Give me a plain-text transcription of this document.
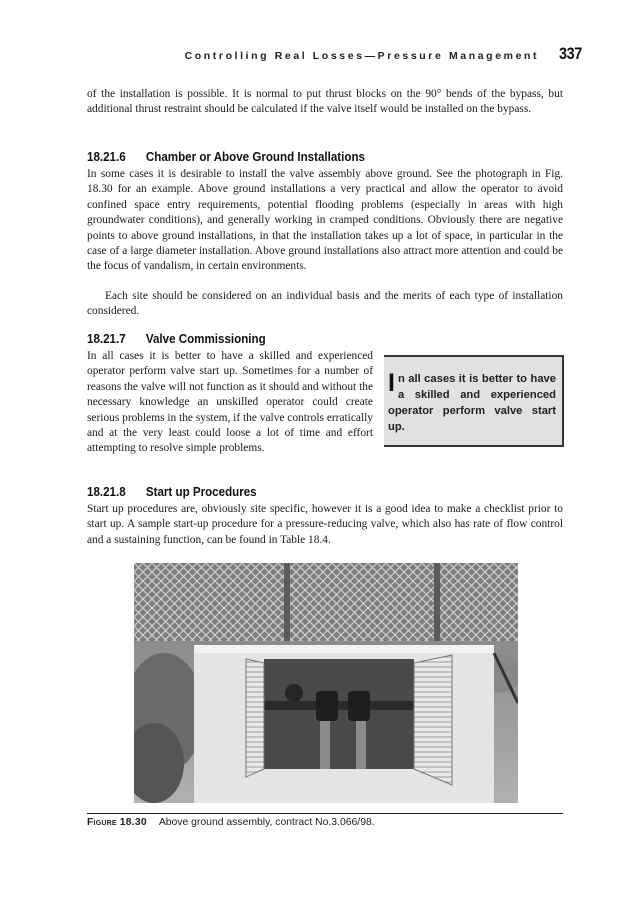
Controlling Real Losses—Pressure Management 337

of the installation is possible. It is normal to put thrust blocks on the 90° bends of the bypass, but additional thrust restraint should be calculated if the valve itself would be installed on the bypass.

18.21.6 Chamber or Above Ground Installations

In some cases it is desirable to install the valve assembly above ground. See the photograph in Fig. 18.30 for an example. Above ground installations a very practical and allow the operator to avoid confined space entry requirements, potential flooding problems (especially in areas with high groundwater conditions), and generally working in cramped conditions. Obviously there are negative points to above ground installations, in that the installation takes up a lot of space, in particular in the case of a large diameter installation. Above ground installations also attract more attention and could be the focus of vandalism, in certain environments.

Each site should be considered on an individual basis and the merits of each type of installation considered.

18.21.7 Valve Commissioning

In all cases it is better to have a skilled and experienced operator perform valve start up. Sometimes for a number of reasons the valve will not function as it should and without the necessary knowledge an unskilled operator could create serious problems in the system, if the valve controls erratically and at the very least could loose a lot of time and effort attempting to resolve simple problems.

In all cases it is better to have a skilled and experienced operator perform valve start up.
18.21.8 Start up Procedures

Start up procedures are, obviously site specific, however it is a good idea to make a checklist prior to start up. A sample start-up procedure for a pressure-reducing valve, which also has rate of flow control and a sustaining function, can be found in Table 18.4.

Figure 18.30 Above ground assembly, contract No.3.066/98.
